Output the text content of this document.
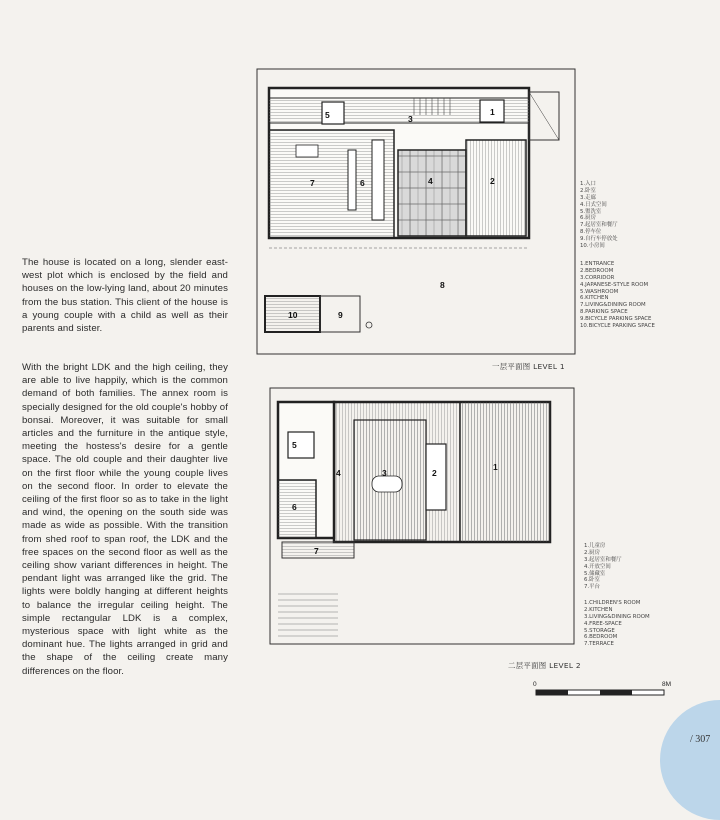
The house is located on a long, slender east-west plot which is enclosed by the field and houses on the low-lying land, about 20 minutes from the bus station. This client of the house is a young couple with a child as well as their parents and sister.
With the bright LDK and the high ceiling, they are able to live happily, which is the common demand of both families. The annex room is specially designed for the old couple's hobby of bonsai. Moreover, it was suitable for small articles and the furniture in the antique style, meeting the hostess's desire for a gentle space. The old couple and their daughter live on the first floor while the young couple lives on the second floor. In order to elevate the ceiling of the first floor so as to take in the light and wind, the opening on the south side was made as wide as possible. With the transition from shed roof to span roof, the LDK and the free spaces on the second floor as well as the ceiling show variant differences in height. The pendant light was arranged like the grid. The lights were boldly hanging at different heights to balance the irregular ceiling height. The simple rectangular LDK is a complex, mysterious space with light white as the dominant hue. The lights arranged in grid and the shape of the ceiling create many differences on the floor.
5	1
3
7	6	4	2
8
10	9
1.入口
2.卧室
3.走廊
4.日式空间
5.盥洗室
6.厨房
7.起居室和餐厅
8.停车位
9.自行车停放处
10.小房间
1.ENTRANCE
2.BEDROOM
3.CORRIDOR
4.JAPANESE-STYLE ROOM
5.WASHROOM
6.KITCHEN
7.LIVING&DINING ROOM
8.PARKING SPACE
9.BICYCLE PARKING SPACE
10.BICYCLE PARKING SPACE
一层平面图 LEVEL 1
1
2
3
4
5
6
7	1.儿童房
2.厨房
3.起居室和餐厅
4.开放空间
5.储藏室
6.卧室
7.平台
1.CHILDREN'S ROOM
2.KITCHEN
3.LIVING&DINING ROOM
4.FREE-SPACE
5.STORAGE
6.BEDROOM
7.TERRACE
二层平面图 LEVEL 2
0	8M
/ 307
